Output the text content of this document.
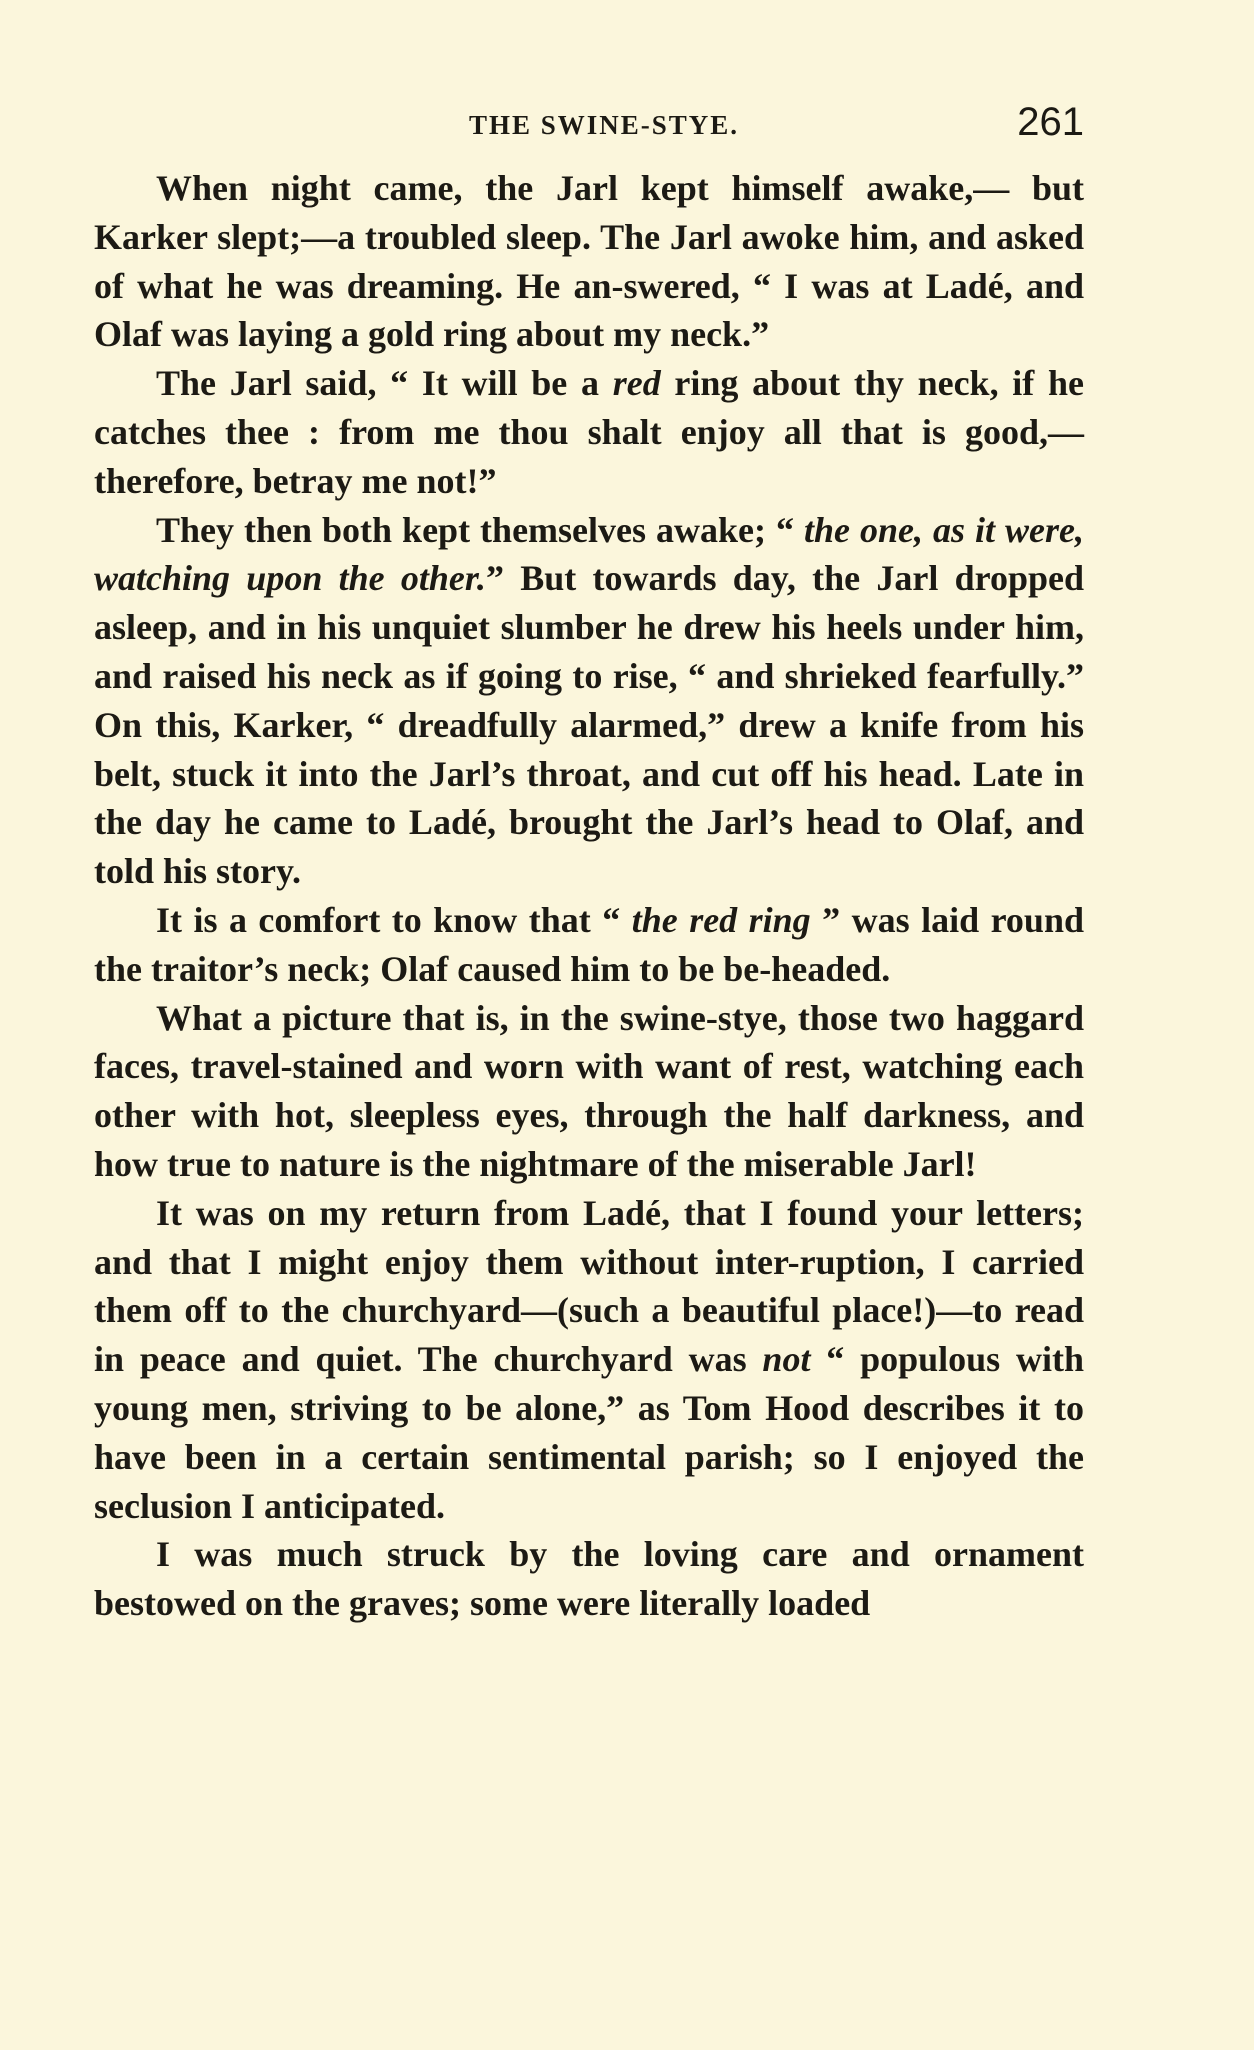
THE SWINE-STYE.	261

When night came, the Jarl kept himself awake,— but Karker slept;—a troubled sleep. The Jarl awoke him, and asked of what he was dreaming. He an-swered, “ I was at Ladé, and Olaf was laying a gold ring about my neck.”

The Jarl said, “ It will be a red ring about thy neck, if he catches thee : from me thou shalt enjoy all that is good,—therefore, betray me not!”

They then both kept themselves awake; “ the one, as it were, watching upon the other.” But towards day, the Jarl dropped asleep, and in his unquiet slumber he drew his heels under him, and raised his neck as if going to rise, “ and shrieked fearfully.” On this, Karker, “ dreadfully alarmed,” drew a knife from his belt, stuck it into the Jarl’s throat, and cut off his head. Late in the day he came to Ladé, brought the Jarl’s head to Olaf, and told his story.

It is a comfort to know that “ the red ring ” was laid round the traitor’s neck; Olaf caused him to be be-headed.

What a picture that is, in the swine-stye, those two haggard faces, travel-stained and worn with want of rest, watching each other with hot, sleepless eyes, through the half darkness, and how true to nature is the nightmare of the miserable Jarl!

It was on my return from Ladé, that I found your letters; and that I might enjoy them without inter-ruption, I carried them off to the churchyard—(such a beautiful place!)—to read in peace and quiet. The churchyard was not “ populous with young men, striving to be alone,” as Tom Hood describes it to have been in a certain sentimental parish; so I enjoyed the seclusion I anticipated.

I was much struck by the loving care and ornament bestowed on the graves; some were literally loaded
